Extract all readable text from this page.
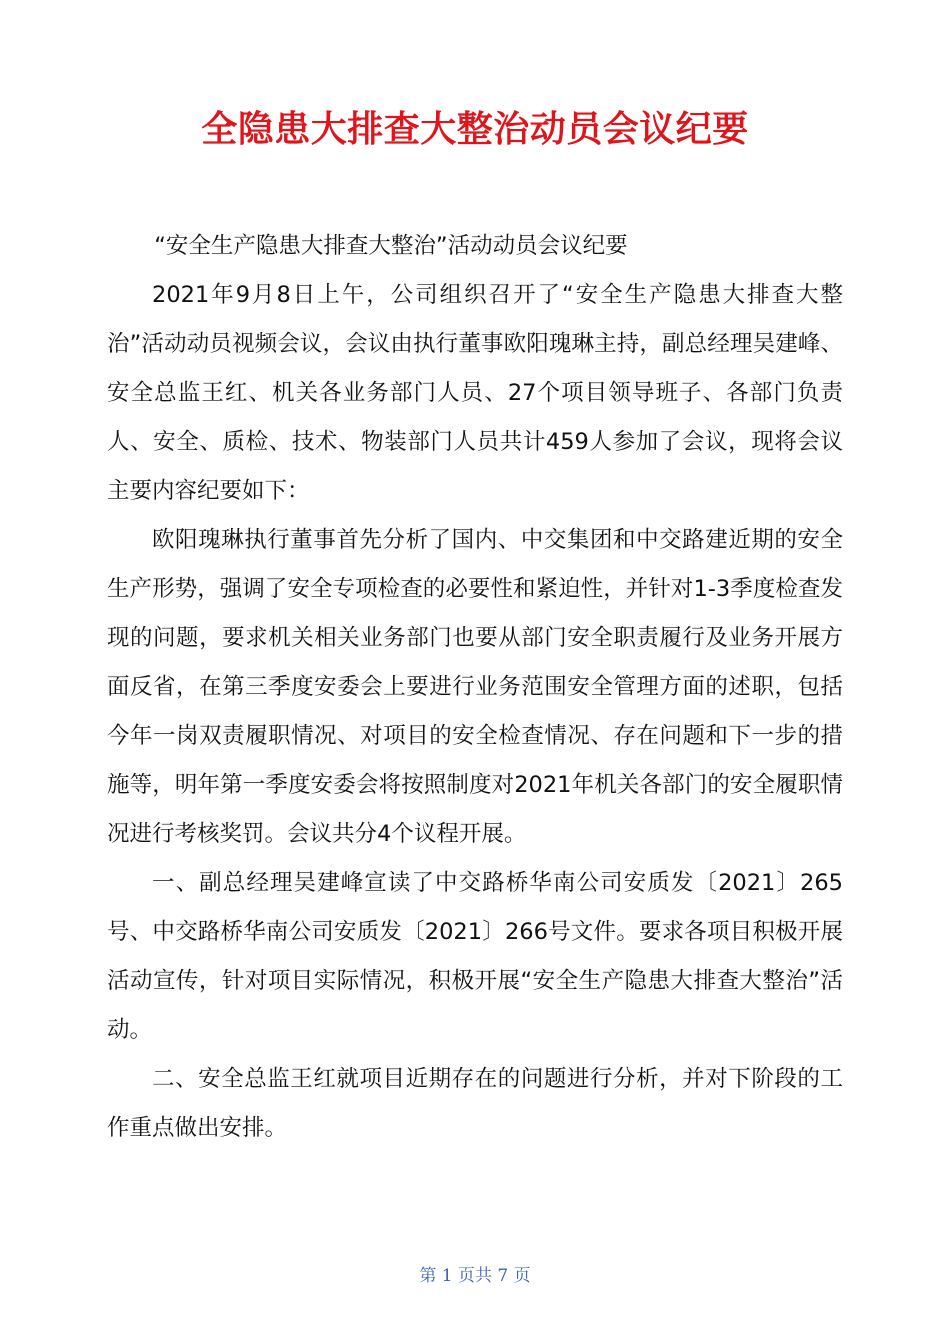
全隐患大排查大整治动员会议纪要

“安全生产隐患大排查大整治”活动动员会议纪要

2021年9月8日上午，公司组织召开了“安全生产隐患大排查大整治”活动动员视频会议，会议由执行董事欧阳瑰琳主持，副总经理吴建峰、安全总监王红、机关各业务部门人员、27个项目领导班子、各部门负责人、安全、质检、技术、物装部门人员共计459人参加了会议，现将会议主要内容纪要如下：

欧阳瑰琳执行董事首先分析了国内、中交集团和中交路建近期的安全生产形势，强调了安全专项检查的必要性和紧迫性，并针对1-3季度检查发现的问题，要求机关相关业务部门也要从部门安全职责履行及业务开展方面反省，在第三季度安委会上要进行业务范围安全管理方面的述职，包括今年一岗双责履职情况、对项目的安全检查情况、存在问题和下一步的措施等，明年第一季度安委会将按照制度对2021年机关各部门的安全履职情况进行考核奖罚。会议共分4个议程开展。

一、副总经理吴建峰宣读了中交路桥华南公司安质发〔2021〕265号、中交路桥华南公司安质发〔2021〕266号文件。要求各项目积极开展活动宣传，针对项目实际情况，积极开展“安全生产隐患大排查大整治”活动。

二、安全总监王红就项目近期存在的问题进行分析，并对下阶段的工作重点做出安排。

第 1 页共 7 页
